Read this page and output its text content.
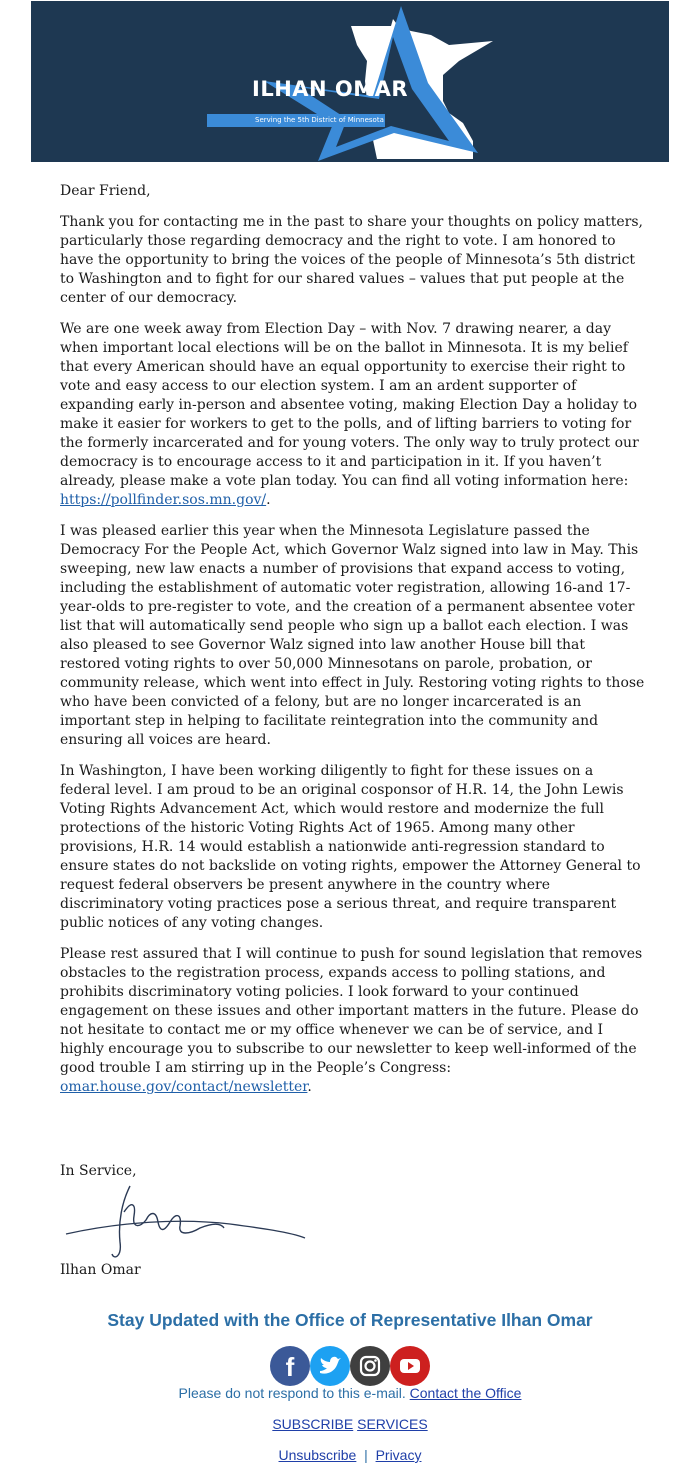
ILHAN OMAR
Serving the 5th District of Minnesota

Dear Friend,

Thank you for contacting me in the past to share your thoughts on policy matters, particularly those regarding democracy and the right to vote. I am honored to have the opportunity to bring the voices of the people of Minnesota’s 5th district to Washington and to fight for our shared values – values that put people at the center of our democracy.

We are one week away from Election Day – with Nov. 7 drawing nearer, a day when important local elections will be on the ballot in Minnesota. It is my belief that every American should have an equal opportunity to exercise their right to vote and easy access to our election system. I am an ardent supporter of expanding early in-person and absentee voting, making Election Day a holiday to make it easier for workers to get to the polls, and of lifting barriers to voting for the formerly incarcerated and for young voters. The only way to truly protect our democracy is to encourage access to it and participation in it. If you haven’t already, please make a vote plan today. You can find all voting information here: https://pollfinder.sos.mn.gov/.

I was pleased earlier this year when the Minnesota Legislature passed the Democracy For the People Act, which Governor Walz signed into law in May. This sweeping, new law enacts a number of provisions that expand access to voting, including the establishment of automatic voter registration, allowing 16-and 17-year-olds to pre-register to vote, and the creation of a permanent absentee voter list that will automatically send people who sign up a ballot each election. I was also pleased to see Governor Walz signed into law another House bill that restored voting rights to over 50,000 Minnesotans on parole, probation, or community release, which went into effect in July. Restoring voting rights to those who have been convicted of a felony, but are no longer incarcerated is an important step in helping to facilitate reintegration into the community and ensuring all voices are heard.

In Washington, I have been working diligently to fight for these issues on a federal level. I am proud to be an original cosponsor of H.R. 14, the John Lewis Voting Rights Advancement Act, which would restore and modernize the full protections of the historic Voting Rights Act of 1965. Among many other provisions, H.R. 14 would establish a nationwide anti-regression standard to ensure states do not backslide on voting rights, empower the Attorney General to request federal observers be present anywhere in the country where discriminatory voting practices pose a serious threat, and require transparent public notices of any voting changes.

Please rest assured that I will continue to push for sound legislation that removes obstacles to the registration process, expands access to polling stations, and prohibits discriminatory voting policies. I look forward to your continued engagement on these issues and other important matters in the future. Please do not hesitate to contact me or my office whenever we can be of service, and I highly encourage you to subscribe to our newsletter to keep well-informed of the good trouble I am stirring up in the People’s Congress: omar.house.gov/contact/newsletter.

In Service,
Ilhan Omar
Stay Updated with the Office of Representative Ilhan Omar
f
Please do not respond to this e-mail. Contact the Office
SUBSCRIBE SERVICES
Unsubscribe | Privacy
